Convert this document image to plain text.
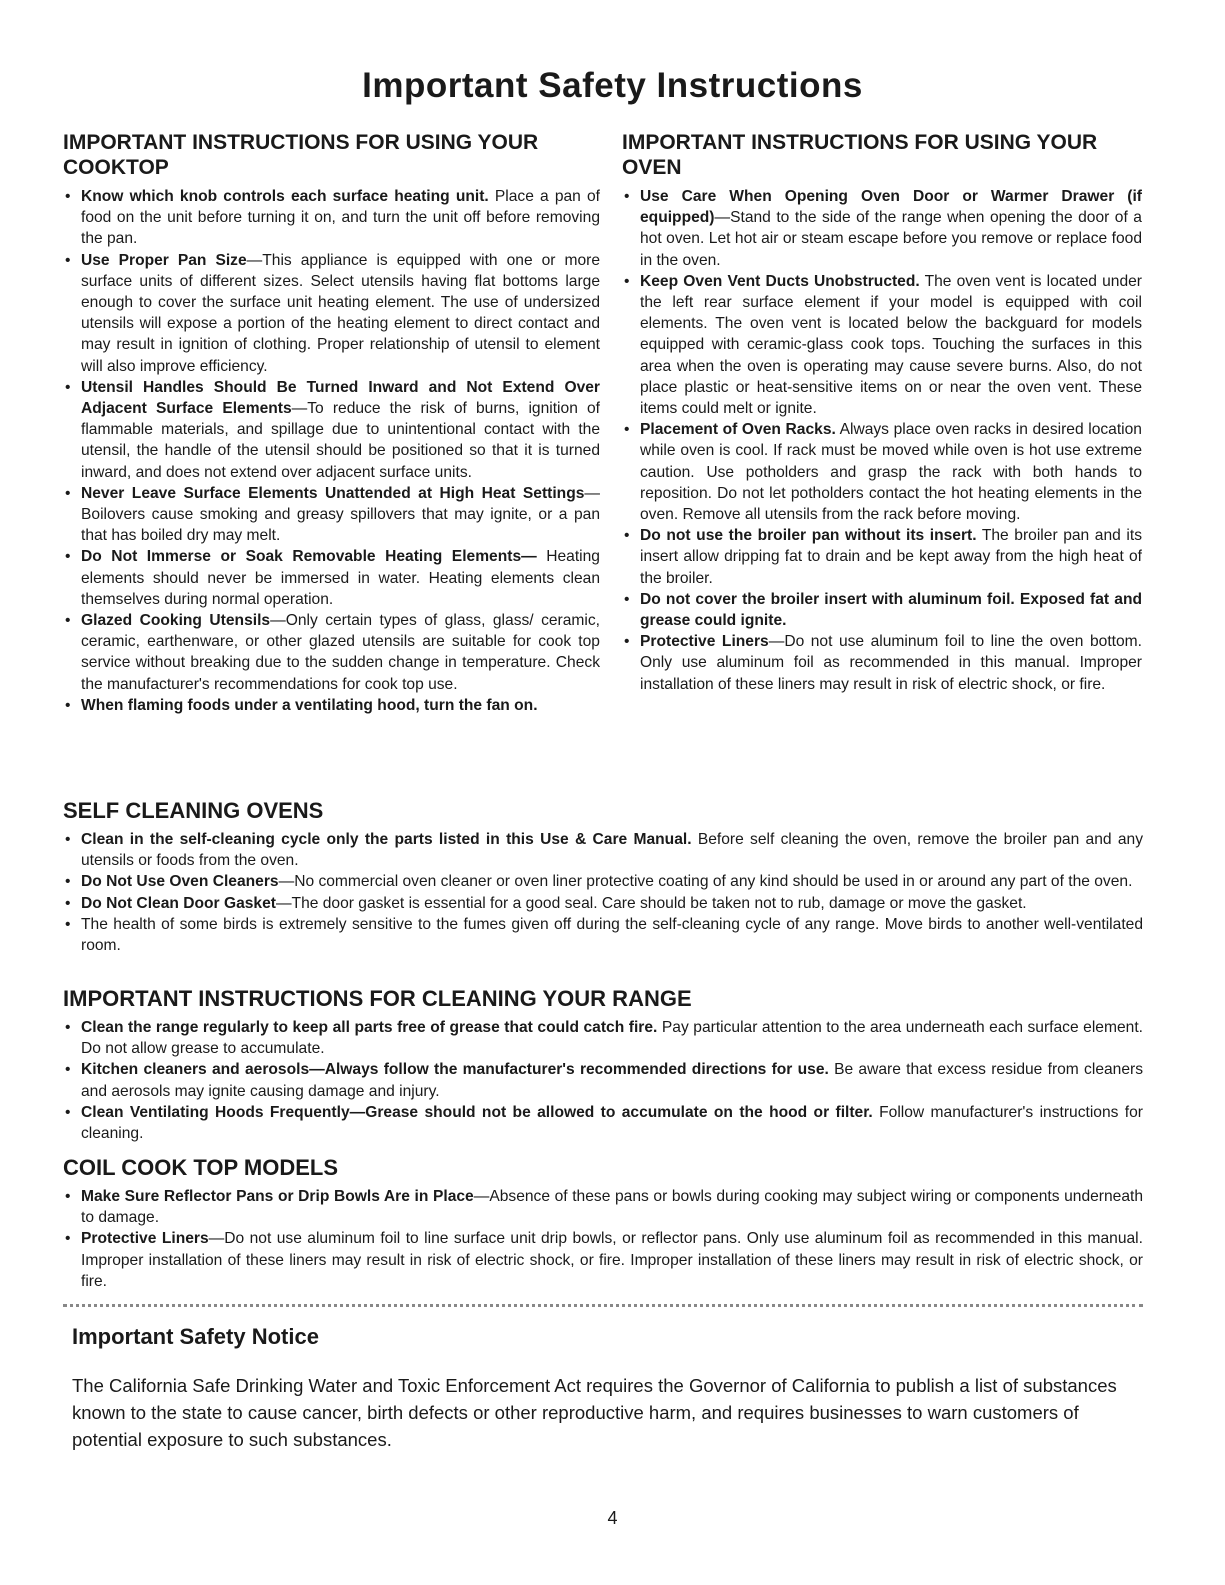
Important Safety Instructions
IMPORTANT INSTRUCTIONS FOR USING YOUR COOKTOP
• Know which knob controls each surface heating unit. Place a pan of food on the unit before turning it on, and turn the unit off before removing the pan.
• Use Proper Pan Size—This appliance is equipped with one or more surface units of different sizes. Select utensils having flat bottoms large enough to cover the surface unit heating element. The use of undersized utensils will expose a portion of the heating element to direct contact and may result in ignition of clothing. Proper relationship of utensil to element will also improve efficiency.
• Utensil Handles Should Be Turned Inward and Not Extend Over Adjacent Surface Elements—To reduce the risk of burns, ignition of flammable materials, and spillage due to unintentional contact with the utensil, the handle of the utensil should be positioned so that it is turned inward, and does not extend over adjacent surface units.
• Never Leave Surface Elements Unattended at High Heat Settings—Boilovers cause smoking and greasy spillovers that may ignite, or a pan that has boiled dry may melt.
• Do Not Immerse or Soak Removable Heating Elements— Heating elements should never be immersed in water. Heating elements clean themselves during normal operation.
• Glazed Cooking Utensils—Only certain types of glass, glass/ ceramic, ceramic, earthenware, or other glazed utensils are suitable for cook top service without breaking due to the sudden change in temperature. Check the manufacturer's recommendations for cook top use.
• When flaming foods under a ventilating hood, turn the fan on.
IMPORTANT INSTRUCTIONS FOR USING YOUR OVEN
• Use Care When Opening Oven Door or Warmer Drawer (if equipped)—Stand to the side of the range when opening the door of a hot oven. Let hot air or steam escape before you remove or replace food in the oven.
• Keep Oven Vent Ducts Unobstructed. The oven vent is located under the left rear surface element if your model is equipped with coil elements. The oven vent is located below the backguard for models equipped with ceramic-glass cook tops. Touching the surfaces in this area when the oven is operating may cause severe burns. Also, do not place plastic or heat-sensitive items on or near the oven vent. These items could melt or ignite.
• Placement of Oven Racks. Always place oven racks in desired location while oven is cool. If rack must be moved while oven is hot use extreme caution. Use potholders and grasp the rack with both hands to reposition. Do not let potholders contact the hot heating elements in the oven. Remove all utensils from the rack before moving.
• Do not use the broiler pan without its insert. The broiler pan and its insert allow dripping fat to drain and be kept away from the high heat of the broiler.
• Do not cover the broiler insert with aluminum foil. Exposed fat and grease could ignite.
• Protective Liners—Do not use aluminum foil to line the oven bottom. Only use aluminum foil as recommended in this manual. Improper installation of these liners may result in risk of electric shock, or fire.
SELF CLEANING OVENS
• Clean in the self-cleaning cycle only the parts listed in this Use & Care Manual. Before self cleaning the oven, remove the broiler pan and any utensils or foods from the oven.
• Do Not Use Oven Cleaners—No commercial oven cleaner or oven liner protective coating of any kind should be used in or around any part of the oven.
• Do Not Clean Door Gasket—The door gasket is essential for a good seal. Care should be taken not to rub, damage or move the gasket.
• The health of some birds is extremely sensitive to the fumes given off during the self-cleaning cycle of any range. Move birds to another well-ventilated room.
IMPORTANT INSTRUCTIONS FOR CLEANING YOUR RANGE
• Clean the range regularly to keep all parts free of grease that could catch fire. Pay particular attention to the area underneath each surface element. Do not allow grease to accumulate.
• Kitchen cleaners and aerosols—Always follow the manufacturer's recommended directions for use. Be aware that excess residue from cleaners and aerosols may ignite causing damage and injury.
• Clean Ventilating Hoods Frequently—Grease should not be allowed to accumulate on the hood or filter. Follow manufacturer's instructions for cleaning.
COIL COOK TOP MODELS
• Make Sure Reflector Pans or Drip Bowls Are in Place—Absence of these pans or bowls during cooking may subject wiring or components underneath to damage.
• Protective Liners—Do not use aluminum foil to line surface unit drip bowls, or reflector pans. Only use aluminum foil as recommended in this manual. Improper installation of these liners may result in risk of electric shock, or fire. Improper installation of these liners may result in risk of electric shock, or fire.
Important Safety Notice
The California Safe Drinking Water and Toxic Enforcement Act requires the Governor of California to publish a list of substances known to the state to cause cancer, birth defects or other reproductive harm, and requires businesses to warn customers of potential exposure to such substances.
4
